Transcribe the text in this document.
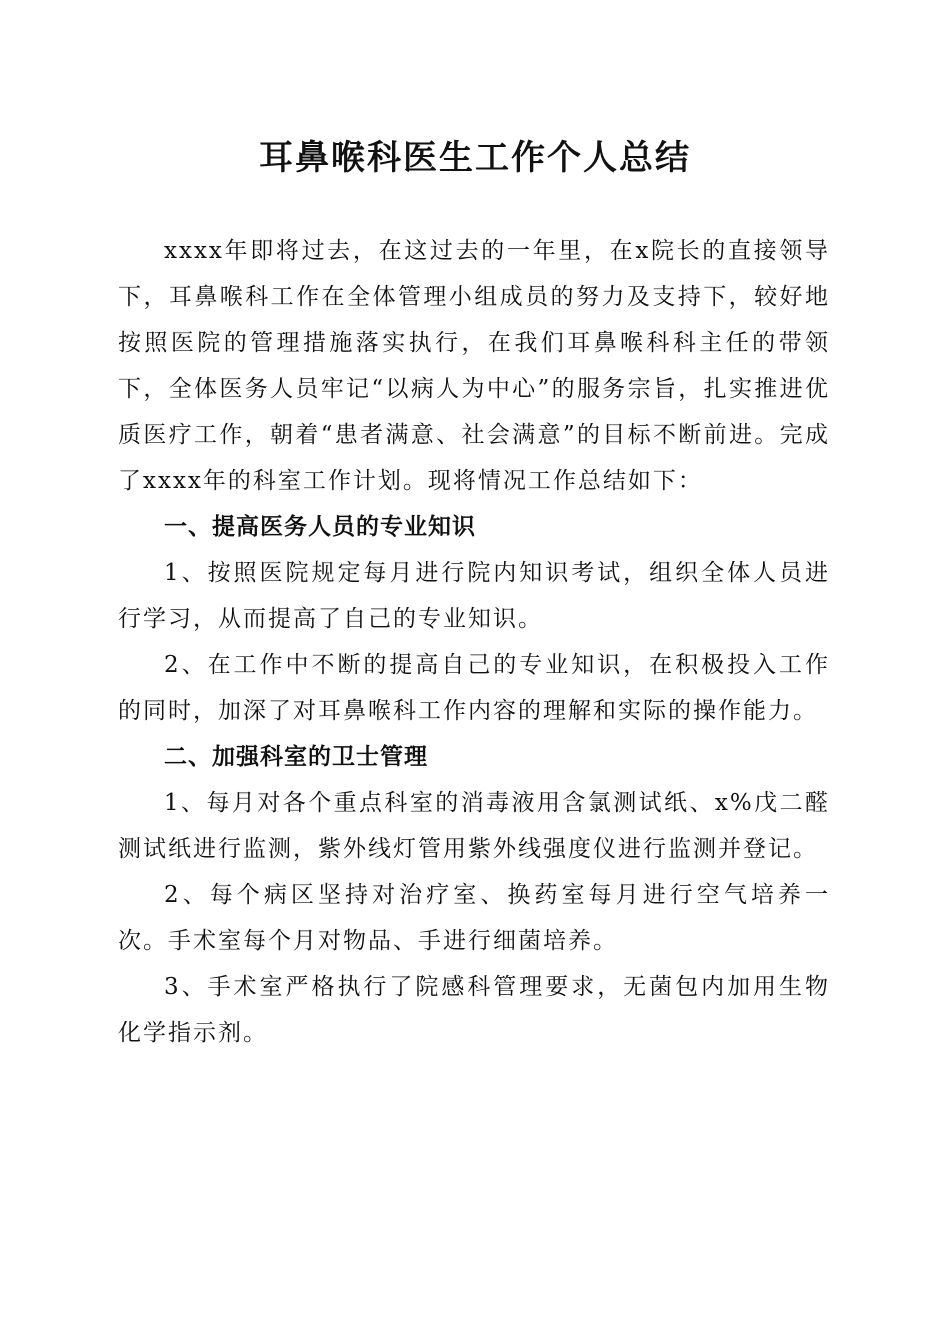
耳鼻喉科医生工作个人总结

xxxx年即将过去，在这过去的一年里，在x院长的直接领导下，耳鼻喉科工作在全体管理小组成员的努力及支持下，较好地按照医院的管理措施落实执行，在我们耳鼻喉科科主任的带领下，全体医务人员牢记“以病人为中心”的服务宗旨，扎实推进优质医疗工作，朝着“患者满意、社会满意”的目标不断前进。完成了xxxx年的科室工作计划。现将情况工作总结如下：

一、提高医务人员的专业知识

1、按照医院规定每月进行院内知识考试，组织全体人员进行学习，从而提高了自己的专业知识。

2、在工作中不断的提高自己的专业知识，在积极投入工作的同时，加深了对耳鼻喉科工作内容的理解和实际的操作能力。

二、加强科室的卫士管理

1、每月对各个重点科室的消毒液用含氯测试纸、x%戊二醛测试纸进行监测，紫外线灯管用紫外线强度仪进行监测并登记。

2、每个病区坚持对治疗室、换药室每月进行空气培养一次。手术室每个月对物品、手进行细菌培养。

3、手术室严格执行了院感科管理要求，无菌包内加用生物化学指示剂。
